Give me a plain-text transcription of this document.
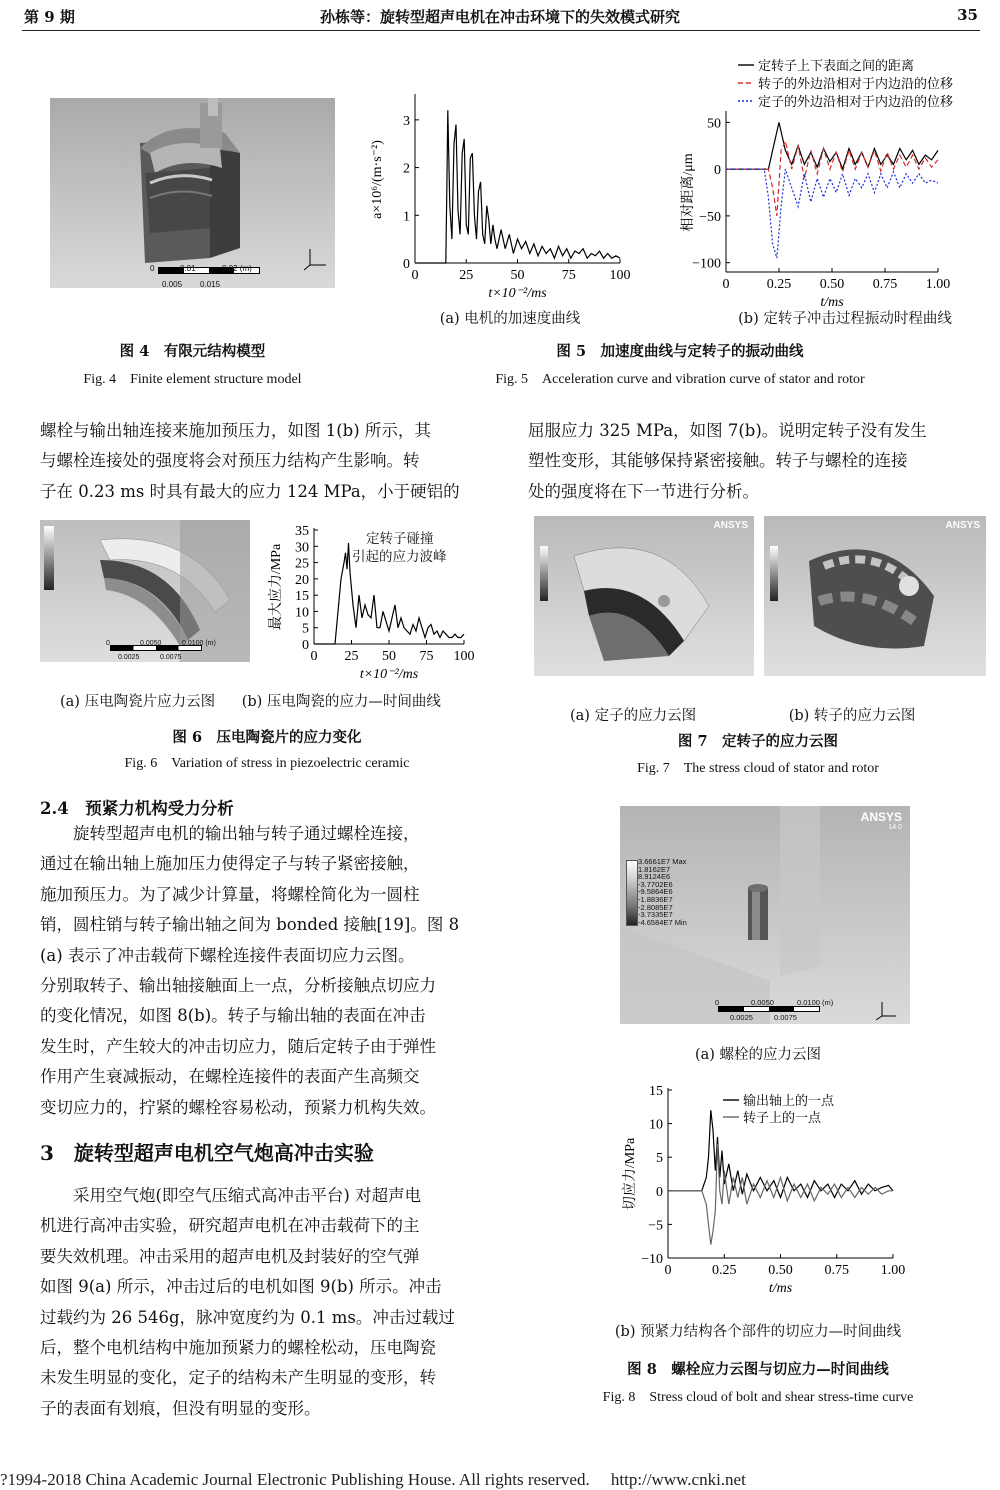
第 9 期	孙栋等：旋转型超声电机在冲击环境下的失效模式研究	35
0	0.01	0.02 (m)
0.005 0.015
图 4　有限元结构模型
Fig. 4　Finite element structure model
0	25	50	75 100
0
1
2
3
t×10⁻²/ms
a×10⁶/(m·s⁻²)
(a) 电机的加速度曲线
0	0.25 0.50 0.75 1.00
50
0
−50
−100
t/ms
相对距离/μm
定转子上下表面之间的距离
转子的外边沿相对于内边沿的位移
定子的外边沿相对于内边沿的位移
(b) 定转子冲击过程振动时程曲线
图 5　加速度曲线与定转子的振动曲线
Fig. 5　Acceleration curve and vibration curve of stator and rotor
螺栓与输出轴连接来施加预压力，如图 1(b) 所示，其
与螺栓连接处的强度将会对预压力结构产生影响。转
子在 0.23 ms 时具有最大的应力 124 MPa，小于硬铝的
屈服应力 325 MPa，如图 7(b)。说明定转子没有发生
塑性变形，其能够保持紧密接触。转子与螺栓的连接
处的强度将在下一节进行分析。
0	0.0050	0.0100 (m)
0.0025	0.0075	0 25 50 75 100
0
5
10
15
20
25
30
35
t×10⁻²/ms
最大应力/MPa
定转子碰撞
引起的应力波峰
(a) 压电陶瓷片应力云图 (b) 压电陶瓷的应力—时间曲线
图 6　压电陶瓷片的应力变化
Fig. 6　Variation of stress in piezoelectric ceramic
ANSYS	ANSYS
(a) 定子的应力云图	(b) 转子的应力云图
图 7　定转子的应力云图
Fig. 7　The stress cloud of stator and rotor
2.4　预紧力机构受力分析
旋转型超声电机的输出轴与转子通过螺栓连接，
通过在输出轴上施加压力使得定子与转子紧密接触，
施加预压力。为了减少计算量，将螺栓简化为一圆柱
销，圆柱销与转子输出轴之间为 bonded 接触[19]。图 8
(a) 表示了冲击载荷下螺栓连接件表面切应力云图。
分别取转子、输出轴接触面上一点，分析接触点切应力
的变化情况，如图 8(b)。转子与输出轴的表面在冲击
发生时，产生较大的冲击切应力，随后定转子由于弹性
作用产生衰减振动，在螺栓连接件的表面产生高频交
变切应力的，拧紧的螺栓容易松动，预紧力机构失效。
3　旋转型超声电机空气炮高冲击实验
采用空气炮(即空气压缩式高冲击平台) 对超声电
机进行高冲击实验，研究超声电机在冲击载荷下的主
要失效机理。冲击采用的超声电机及封装好的空气弹
如图 9(a) 所示，冲击过后的电机如图 9(b) 所示。冲击
过载约为 26 546g，脉冲宽度约为 0.1 ms。冲击过载过
后，整个电机结构中施加预紧力的螺栓松动，压电陶瓷
未发生明显的变化，定子的结构未产生明显的变形，转
子的表面有划痕，但没有明显的变形。
ANSYS
14.0
3.6661E7 Max
1.8162E7
8.9124E6
-3.7702E6
-9.5864E6
-1.8836E7
-2.8085E7
-3.7335E7
-4.6584E7 Min
0	0.0050	0.0100 (m)
0.0025	0.0075
(a) 螺栓的应力云图
0	0.25 0.50 0.75 1.00
15
10
5
0
−5
−10
t/ms
切应力/MPa
输出轴上的一点
转子上的一点
(b) 预紧力结构各个部件的切应力—时间曲线
图 8　螺栓应力云图与切应力—时间曲线
Fig. 8　Stress cloud of bolt and shear stress-time curve
?1994-2018 China Academic Journal Electronic Publishing House. All rights reserved.　 http://www.cnki.net
